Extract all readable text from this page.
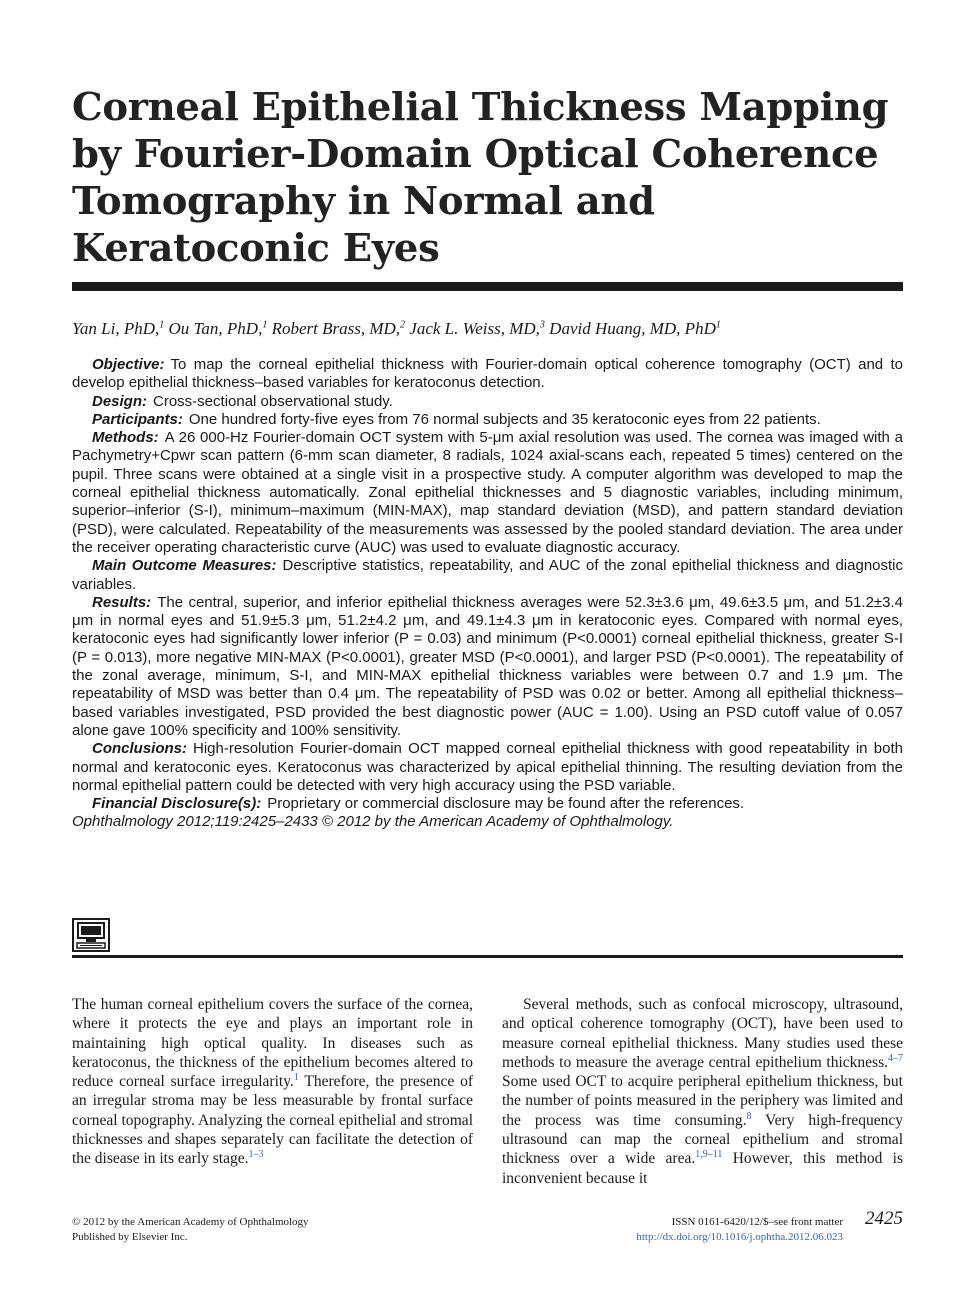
Corneal Epithelial Thickness Mapping by Fourier-Domain Optical Coherence Tomography in Normal and Keratoconic Eyes
Yan Li, PhD,$^1$ Ou Tan, PhD,$^1$ Robert Brass, MD,$^2$ Jack L. Weiss, MD,$^3$ David Huang, MD, PhD$^1$

Objective: To map the corneal epithelial thickness with Fourier-domain optical coherence tomography (OCT) and to develop epithelial thickness–based variables for keratoconus detection.

Design: Cross-sectional observational study.

Participants: One hundred forty-five eyes from 76 normal subjects and 35 keratoconic eyes from 22 patients.

Methods: A 26 000-Hz Fourier-domain OCT system with 5-μm axial resolution was used. The cornea was imaged with a Pachymetry+Cpwr scan pattern (6-mm scan diameter, 8 radials, 1024 axial-scans each, repeated 5 times) centered on the pupil. Three scans were obtained at a single visit in a prospective study. A computer algorithm was developed to map the corneal epithelial thickness automatically. Zonal epithelial thicknesses and 5 diagnostic variables, including minimum, superior–inferior (S-I), minimum–maximum (MIN-MAX), map standard deviation (MSD), and pattern standard deviation (PSD), were calculated. Repeatability of the measurements was assessed by the pooled standard deviation. The area under the receiver operating characteristic curve (AUC) was used to evaluate diagnostic accuracy.

Main Outcome Measures: Descriptive statistics, repeatability, and AUC of the zonal epithelial thickness and diagnostic variables.

Results: The central, superior, and inferior epithelial thickness averages were 52.3±3.6 μm, 49.6±3.5 μm, and 51.2±3.4 μm in normal eyes and 51.9±5.3 μm, 51.2±4.2 μm, and 49.1±4.3 μm in keratoconic eyes. Compared with normal eyes, keratoconic eyes had significantly lower inferior (P = 0.03) and minimum (P<0.0001) corneal epithelial thickness, greater S-I (P = 0.013), more negative MIN-MAX (P<0.0001), greater MSD (P<0.0001), and larger PSD (P<0.0001). The repeatability of the zonal average, minimum, S-I, and MIN-MAX epithelial thickness variables were between 0.7 and 1.9 μm. The repeatability of MSD was better than 0.4 μm. The repeatability of PSD was 0.02 or better. Among all epithelial thickness–based variables investigated, PSD provided the best diagnostic power (AUC = 1.00). Using an PSD cutoff value of 0.057 alone gave 100% specificity and 100% sensitivity.

Conclusions: High-resolution Fourier-domain OCT mapped corneal epithelial thickness with good repeatability in both normal and keratoconic eyes. Keratoconus was characterized by apical epithelial thinning. The resulting deviation from the normal epithelial pattern could be detected with very high accuracy using the PSD variable.

Financial Disclosure(s): Proprietary or commercial disclosure may be found after the references.
Ophthalmology 2012;119:2425–2433 © 2012 by the American Academy of Ophthalmology.

The human corneal epithelium covers the surface of the cornea, where it protects the eye and plays an important role in maintaining high optical quality. In diseases such as keratoconus, the thickness of the epithelium becomes altered to reduce corneal surface irregularity.$^1$ Therefore, the presence of an irregular stroma may be less measurable by frontal surface corneal topography. Analyzing the corneal epithelial and stromal thicknesses and shapes separately can facilitate the detection of the disease in its early stage.$^{1-3}$

Several methods, such as confocal microscopy, ultrasound, and optical coherence tomography (OCT), have been used to measure corneal epithelial thickness. Many studies used these methods to measure the average central epithelium thickness.$^{4-7}$ Some used OCT to acquire peripheral epithelium thickness, but the number of points measured in the periphery was limited and the process was time consuming.$^8$ Very high-frequency ultrasound can map the corneal epithelium and stromal thickness over a wide area.$^{1,9-11}$ However, this method is inconvenient because it

© 2012 by the American Academy of Ophthalmology
Published by Elsevier Inc.
ISSN 0161-6420/12/$–see front matter
http://dx.doi.org/10.1016/j.ophtha.2012.06.023
2425
